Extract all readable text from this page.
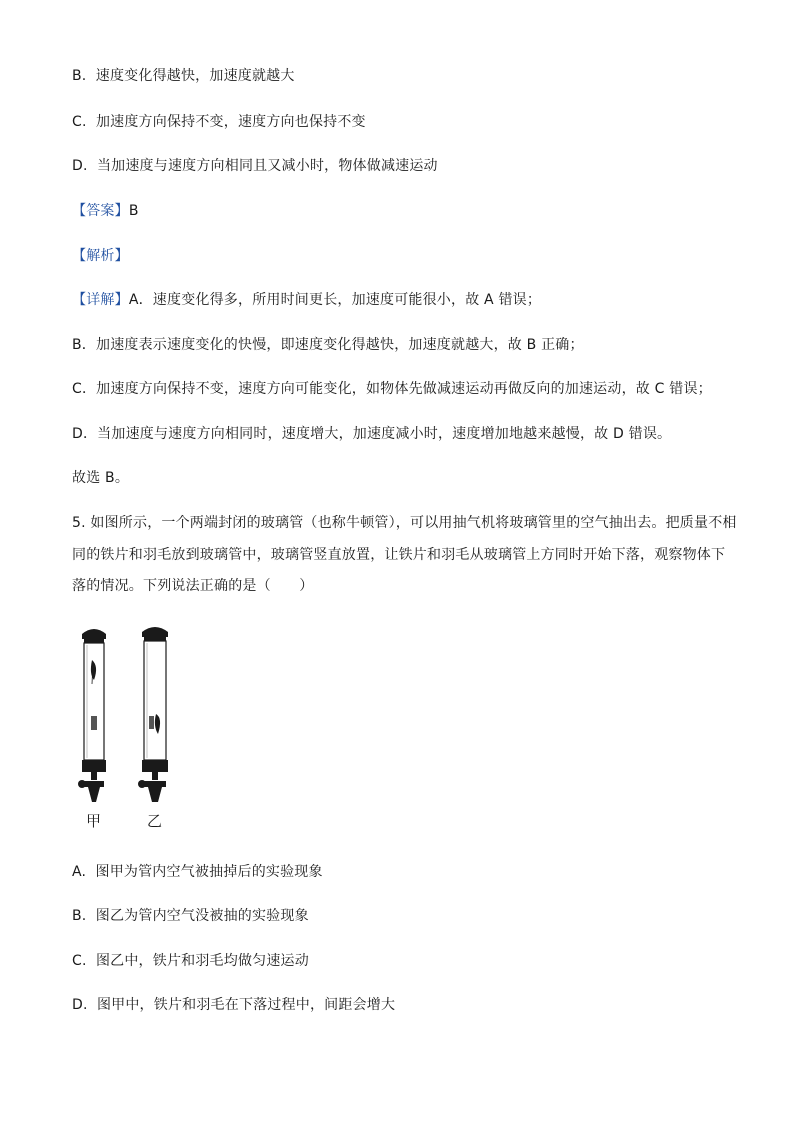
B. 速度变化得越快，加速度就越大
C. 加速度方向保持不变，速度方向也保持不变
D. 当加速度与速度方向相同且又减小时，物体做减速运动
【答案】B
【解析】
【详解】A．速度变化得多，所用时间更长，加速度可能很小，故 A 错误；
B．加速度表示速度变化的快慢，即速度变化得越快，加速度就越大，故 B 正确；
C．加速度方向保持不变，速度方向可能变化，如物体先做减速运动再做反向的加速运动，故 C 错误；
D．当加速度与速度方向相同时，速度增大，加速度减小时，速度增加地越来越慢，故 D 错误。
故选 B。
5. 如图所示，一个两端封闭的玻璃管（也称牛顿管），可以用抽气机将玻璃管里的空气抽出去。把质量不相
同的铁片和羽毛放到玻璃管中，玻璃管竖直放置，让铁片和羽毛从玻璃管上方同时开始下落，观察物体下
落的情况。下列说法正确的是（　　）
甲	乙
A. 图甲为管内空气被抽掉后的实验现象
B. 图乙为管内空气没被抽的实验现象
C. 图乙中，铁片和羽毛均做匀速运动
D. 图甲中，铁片和羽毛在下落过程中，间距会增大
